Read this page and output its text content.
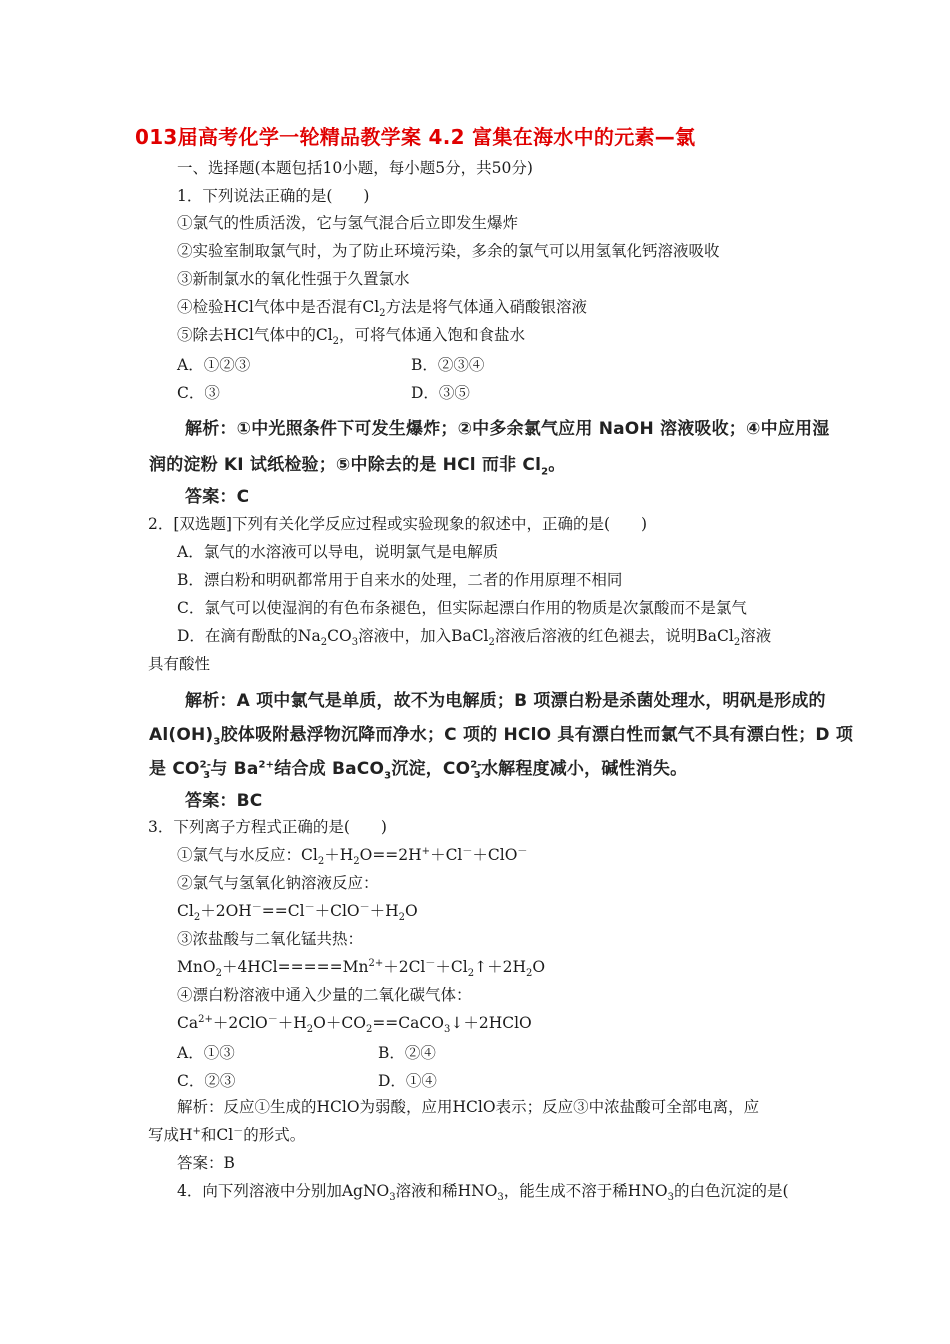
013届高考化学一轮精品教学案 4.2 富集在海水中的元素—氯
一、选择题(本题包括10小题，每小题5分，共50分)
1．下列说法正确的是(　　)
①氯气的性质活泼，它与氢气混合后立即发生爆炸
②实验室制取氯气时，为了防止环境污染，多余的氯气可以用氢氧化钙溶液吸收
③新制氯水的氧化性强于久置氯水
④检验HCl气体中是否混有$Cl_2$方法是将气体通入硝酸银溶液
⑤除去HCl气体中的$Cl_2$，可将气体通入饱和食盐水
A．①②③	B．②③④
C．③	D．③⑤
解析：①中光照条件下可发生爆炸；②中多余氯气应用 NaOH 溶液吸收；④中应用湿
润的淀粉 KI 试纸检验；⑤中除去的是 HCl 而非 $Cl_2$。
答案：C
2．[双选题]下列有关化学反应过程或实验现象的叙述中，正确的是(　　)
A．氯气的水溶液可以导电，说明氯气是电解质
B．漂白粉和明矾都常用于自来水的处理，二者的作用原理不相同
C．氯气可以使湿润的有色布条褪色，但实际起漂白作用的物质是次氯酸而不是氯气
D．在滴有酚酞的$Na_2CO_3$溶液中，加入BaCl$_2$溶液后溶液的红色褪去，说明BaCl$_2$溶液
具有酸性
解析：A 项中氯气是单质，故不为电解质；B 项漂白粉是杀菌处理水，明矾是形成的
$Al(OH)_3$胶体吸附悬浮物沉降而净水；C 项的 HClO 具有漂白性而氯气不具有漂白性；D 项
是 $CO^{2-}_3$与 $Ba^{2+}$结合成 BaCO$_3$沉淀，$CO^{2-}_3$水解程度减小，碱性消失。
答案：BC
3．下列离子方程式正确的是(　　)
①氯气与水反应：$Cl_2+H_2O==2H^++Cl^-+ClO^-$
②氯气与氢氧化钠溶液反应：
$Cl_2+2OH^-==Cl^-+ClO^-+H_2O$
③浓盐酸与二氧化锰共热：
$MnO_2+4HCl=====Mn^{2+}+2Cl^-+Cl_2↑+2H_2O$
④漂白粉溶液中通入少量的二氧化碳气体：
$Ca^{2+}+2ClO^-+H_2O+CO_2==CaCO_3↓+2HClO$
A．①③	B．②④
C．②③	D．①④
解析：反应①生成的HClO为弱酸，应用HClO表示；反应③中浓盐酸可全部电离，应
写成H+和Cl－的形式。
答案：B
4．向下列溶液中分别加AgNO$_3$溶液和稀$HNO_3$，能生成不溶于稀$HNO_3$的白色沉淀的是(
